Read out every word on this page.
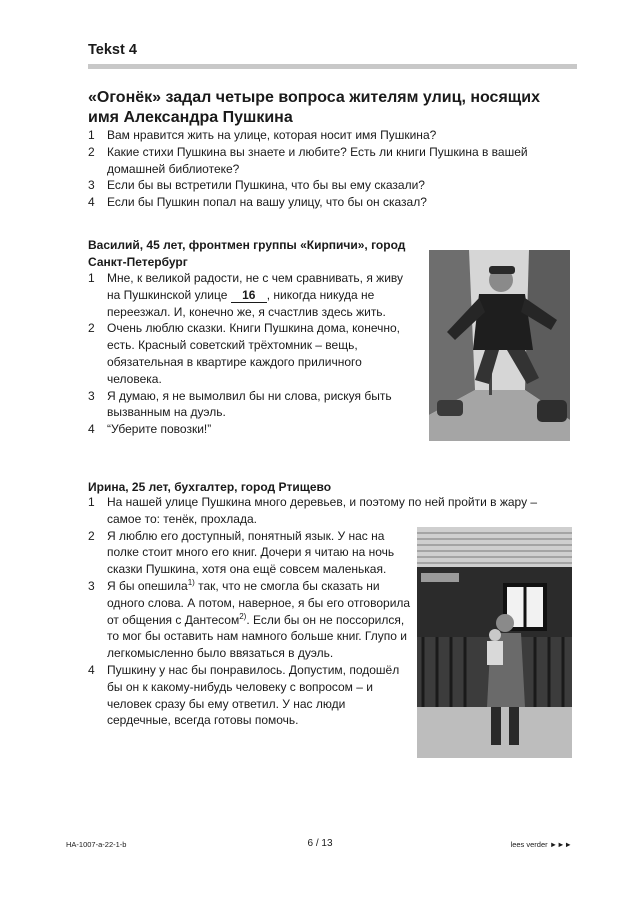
Tekst 4
«Огонёк» задал четыре вопроса жителям улиц, носящих имя Александра Пушкина
1 Вам нравится жить на улице, которая носит имя Пушкина?
2 Какие стихи Пушкина вы знаете и любите? Есть ли книги Пушкина в вашей домашней библиотеке?
3 Если бы вы встретили Пушкина, что бы вы ему сказали?
4 Если бы Пушкин попал на вашу улицу, что бы он сказал?
Василий, 45 лет, фронтмен группы «Кирпичи», город Санкт-Петербург
1 Мне, к великой радости, не с чем сравнивать, я живу на Пушкинской улице 16 , никогда никуда не переезжал. И, конечно же, я счастлив здесь жить.
2 Очень люблю сказки. Книги Пушкина дома, конечно, есть. Красный советский трёхтомник – вещь, обязательная в квартире каждого приличного человека.
3 Я думаю, я не вымолвил бы ни слова, рискуя быть вызванным на дуэль.
4 “Уберите повозки!”
Ирина, 25 лет, бухгалтер, город Ртищево
1 На нашей улице Пушкина много деревьев, и поэтому по ней пройти в жару – самое то: тенёк, прохлада.
2 Я люблю его доступный, понятный язык. У нас на полке стоит много его книг. Дочери я читаю на ночь сказки Пушкина, хотя она ещё совсем маленькая.
3 Я бы опешила$^{1)}$ так, что не смогла бы сказать ни одного слова. А потом, наверное, я бы его отговорила от общения с Дантесом$^{2)}$. Если бы он не поссорился, то мог бы оставить нам намного больше книг. Глупо и легкомысленно было ввязаться в дуэль.
4 Пушкину у нас бы понравилось. Допустим, подошёл бы он к какому-нибудь человеку с вопросом – и человек сразу бы ему ответил. У нас люди сердечные, всегда готовы помочь.
HA-1007-a-22-1-b	6 / 13	lees verder ►►►
